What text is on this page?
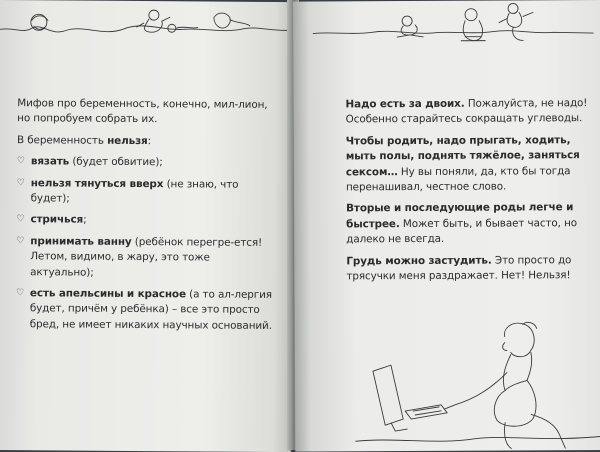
Мифов про беременность, конечно, мил-лион, но попробуем собрать их.

В беременность нельзя:

♡ вязать (будет обвитие);
♡ нельзя тянуться вверх (не знаю, что будет);
♡ стричься;
♡ принимать ванну (ребёнок перегре-ется! Летом, видимо, в жару, это тоже актуально);
♡ есть апельсины и красное (а то ал-лергия будет, причём у ребёнка) – все это просто бред, не имеет никаких научных оснований.

Надо есть за двоих. Пожалуйста, не надо! Особенно старайтесь сокращать углеводы.

Чтобы родить, надо прыгать, ходить, мыть полы, поднять тяжёлое, заняться сексом… Ну вы поняли, да, кто бы тогда перенашивал, честное слово.

Вторые и последующие роды легче и быстрее. Может быть, и бывает часто, но далеко не всегда.

Грудь можно застудить. Это просто до трясучки меня раздражает. Нет! Нельзя!
